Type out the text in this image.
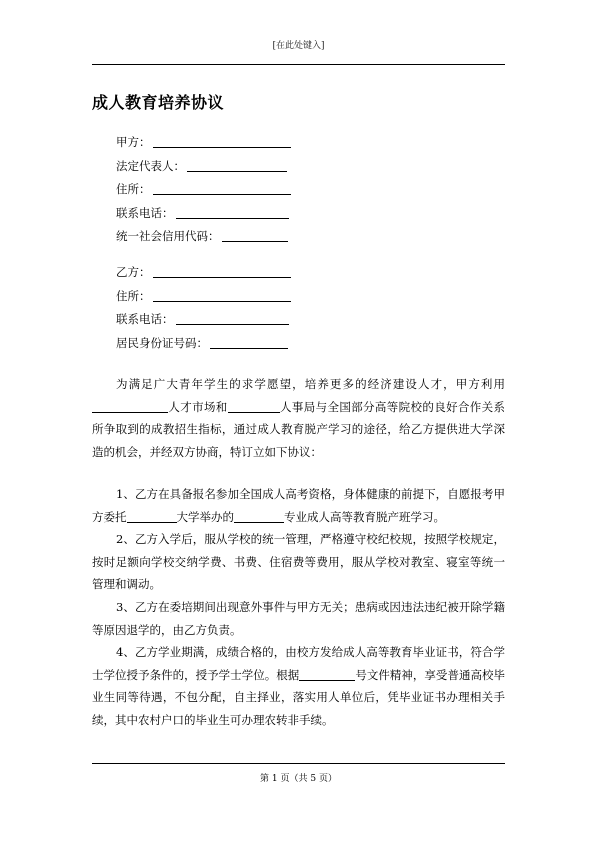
[在此处键入]
成人教育培养协议
甲方：
法定代表人：
住所：
联系电话：
统一社会信用代码：
乙方：
住所：
联系电话：
居民身份证号码：
为满足广大青年学生的求学愿望，培养更多的经济建设人才，甲方利用人才市场和	人事局与全国部分高等院校的良好合作关系所争取到的成教招生指标，通过成人教育脱产学习的途径，给乙方提供进大学深造的机会，并经双方协商，特订立如下协议：
1、乙方在具备报名参加全国成人高考资格，身体健康的前提下，自愿报考甲方委托	大学举办的	专业成人高等教育脱产班学习。
2、乙方入学后，服从学校的统一管理，严格遵守校纪校规，按照学校规定，按时足额向学校交纳学费、书费、住宿费等费用，服从学校对教室、寝室等统一管理和调动。
3、乙方在委培期间出现意外事件与甲方无关；患病或因违法违纪被开除学籍等原因退学的，由乙方负责。
4、乙方学业期满，成绩合格的，由校方发给成人高等教育毕业证书，符合学士学位授予条件的，授予学士学位。根据	号文件精神，享受普通高校毕业生同等待遇，不包分配，自主择业，落实用人单位后，凭毕业证书办理相关手续，其中农村户口的毕业生可办理农转非手续。
第 1 页（共 5 页）
